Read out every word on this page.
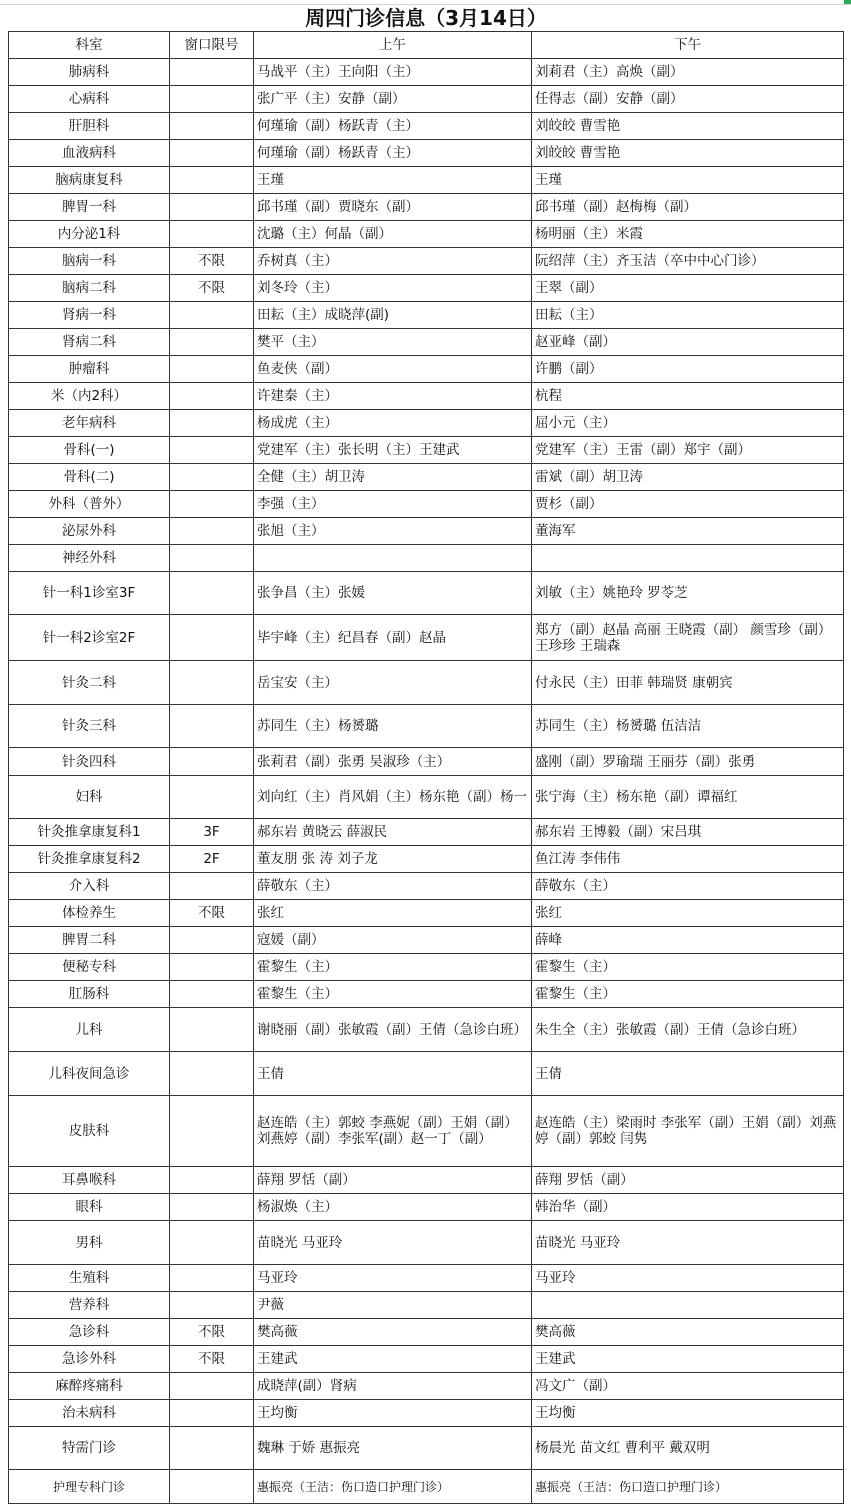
周四门诊信息（3月14日）			
科室	窗口限号	上午	下午
肺病科		马战平（主）王向阳（主）	刘莉君（主）高焕（副）
心病科		张广平（主）安静（副）	任得志（副）安静（副）
肝胆科		何瑾瑜（副）杨跃青（主）	刘皎皎 曹雪艳
血液病科		何瑾瑜（副）杨跃青（主）	刘皎皎 曹雪艳
脑病康复科		王瑾	王瑾
脾胃一科		邱书瑾（副）贾晓东（副）	邱书瑾（副）赵梅梅（副）
内分泌1科		沈璐（主）何晶（副）	杨明丽（主）米霞
脑病一科	不限	乔树真（主）	阮绍萍（主）齐玉洁（卒中中心门诊）
脑病二科	不限	刘冬玲（主）	王翠（副）
肾病一科		田耘（主）成晓萍(副)	田耘（主）
肾病二科		樊平（主）	赵亚峰（副）
肿瘤科		鱼麦侠（副）	许鹏（副）
米（内2科）		许建秦（主）	杭程
老年病科		杨成虎（主）	屈小元（主）
骨科(一)		党建军（主）张长明（主）王建武	党建军（主）王雷（副）郑宇（副）
骨科(二)		全健（主）胡卫涛	雷斌（副）胡卫涛
外科（普外）		李强（主）	贾杉（副）
泌尿外科		张旭（主）	董海军
神经外科			
针一科1诊室3F		张争昌（主）张媛	刘敏（主）姚艳玲 罗苓芝
针一科2诊室2F		毕宇峰（主）纪昌春（副）赵晶	郑方（副）赵晶 高丽 王晓霞（副） 颜雪珍（副）王珍珍 王瑞森
针灸二科		岳宝安（主）	付永民（主）田菲 韩瑞贤 康朝宾
针灸三科		苏同生（主）杨赟璐	苏同生（主）杨赟璐 伍洁洁
针灸四科		张莉君（副）张勇 吴淑珍（主）	盛刚（副）罗瑜瑞 王丽芬（副）张勇
妇科		刘向红（主）肖风娟（主）杨东艳（副）杨一	张宁海（主）杨东艳（副）谭福红
针灸推拿康复科1	3F	郝东岩 黄晓云 薛淑民	郝东岩 王博毅（副）宋吕琪
针灸推拿康复科2	2F	董友朋 张 涛 刘子龙	鱼江涛 李伟伟
介入科		薛敬东（主）	薛敬东（主）
体检养生	不限	张红	张红
脾胃二科		寇媛（副）	薛峰
便秘专科		霍黎生（主）	霍黎生（主）
肛肠科		霍黎生（主）	霍黎生（主）
儿科		谢晓丽（副）张敏霞（副）王倩（急诊白班）	朱生全（主）张敏霞（副）王倩（急诊白班）
儿科夜间急诊		王倩	王倩
皮肤科		赵连皓（主）郭蛟 李燕妮（副）王娟（副）刘燕婷（副）李张军(副）赵一丁（副）	赵连皓（主）梁雨时 李张军（副）王娟（副）刘燕婷（副）郭蛟 闫隽
耳鼻喉科		薛翔 罗恬（副）	薛翔 罗恬（副）
眼科		杨淑焕（主）	韩治华（副）
男科		苗晓光 马亚玲	苗晓光 马亚玲
生殖科		马亚玲	马亚玲
营养科		尹薇	
急诊科	不限	樊高薇	樊高薇
急诊外科	不限	王建武	王建武
麻醉疼痛科		成晓萍(副）肾病	冯文广（副）
治未病科		王均衡	王均衡
特需门诊		魏琳 于娇 惠振亮	杨晨光 苗文红 曹利平 戴双明
护理专科门诊		惠振亮（王洁：伤口造口护理门诊）	惠振亮（王洁：伤口造口护理门诊）
